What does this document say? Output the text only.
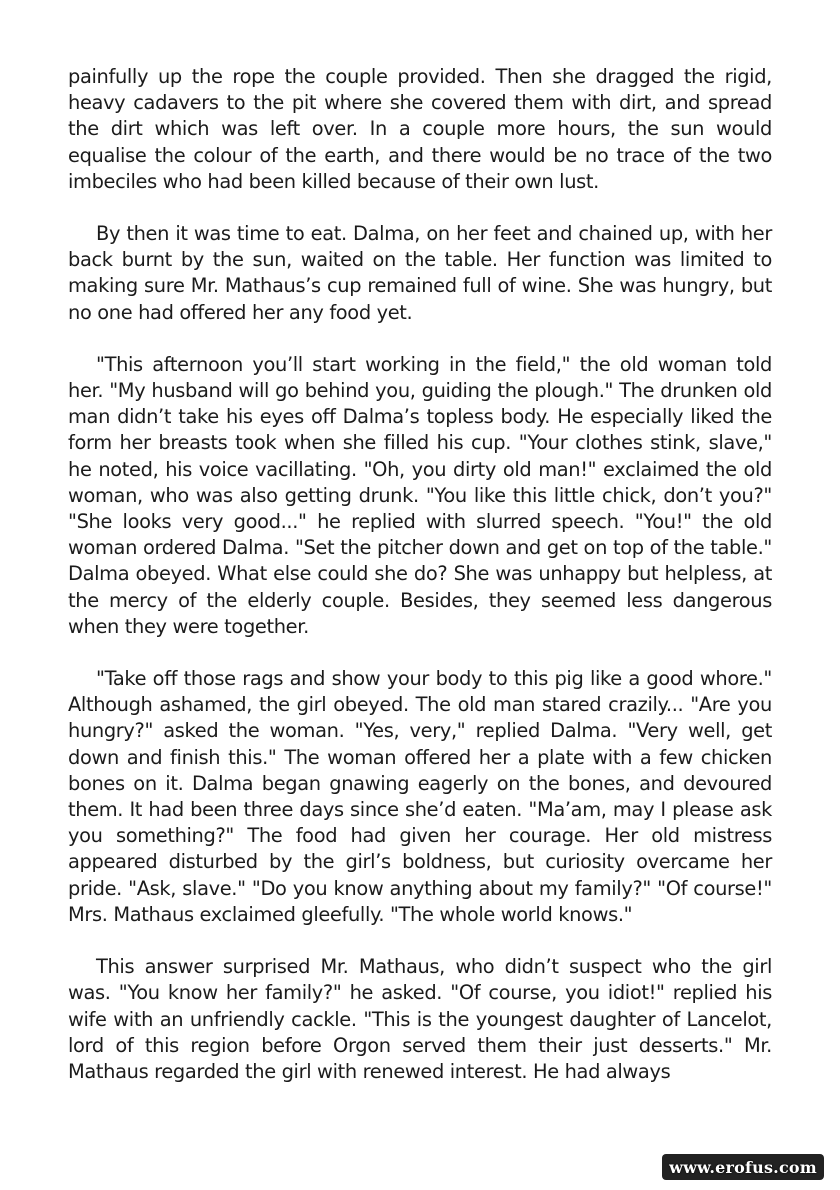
painfully up the rope the couple provided. Then she dragged the rigid, heavy cadavers to the pit where she covered them with dirt, and spread the dirt which was left over. In a couple more hours, the sun would equalise the colour of the earth, and there would be no trace of the two imbeciles who had been killed because of their own lust.

By then it was time to eat. Dalma, on her feet and chained up, with her back burnt by the sun, waited on the table. Her function was limited to making sure Mr. Mathaus’s cup remained full of wine. She was hungry, but no one had offered her any food yet.

"This afternoon you’ll start working in the field," the old woman told her. "My husband will go behind you, guiding the plough." The drunken old man didn’t take his eyes off Dalma’s topless body. He especially liked the form her breasts took when she filled his cup. "Your clothes stink, slave," he noted, his voice vacillating. "Oh, you dirty old man!" exclaimed the old woman, who was also getting drunk. "You like this little chick, don’t you?" "She looks very good..." he replied with slurred speech. "You!" the old woman ordered Dalma. "Set the pitcher down and get on top of the table." Dalma obeyed. What else could she do? She was unhappy but helpless, at the mercy of the elderly couple. Besides, they seemed less dangerous when they were together.

"Take off those rags and show your body to this pig like a good whore." Although ashamed, the girl obeyed. The old man stared crazily... "Are you hungry?" asked the woman. "Yes, very," replied Dalma. "Very well, get down and finish this." The woman offered her a plate with a few chicken bones on it. Dalma began gnawing eagerly on the bones, and devoured them. It had been three days since she’d eaten. "Ma’am, may I please ask you something?" The food had given her courage. Her old mistress appeared disturbed by the girl’s boldness, but curiosity overcame her pride. "Ask, slave." "Do you know anything about my family?" "Of course!" Mrs. Mathaus exclaimed gleefully. "The whole world knows."

This answer surprised Mr. Mathaus, who didn’t suspect who the girl was. "You know her family?" he asked. "Of course, you idiot!" replied his wife with an unfriendly cackle. "This is the youngest daughter of Lancelot, lord of this region before Orgon served them their just desserts." Mr. Mathaus regarded the girl with renewed interest. He had always

www.erofus.com
